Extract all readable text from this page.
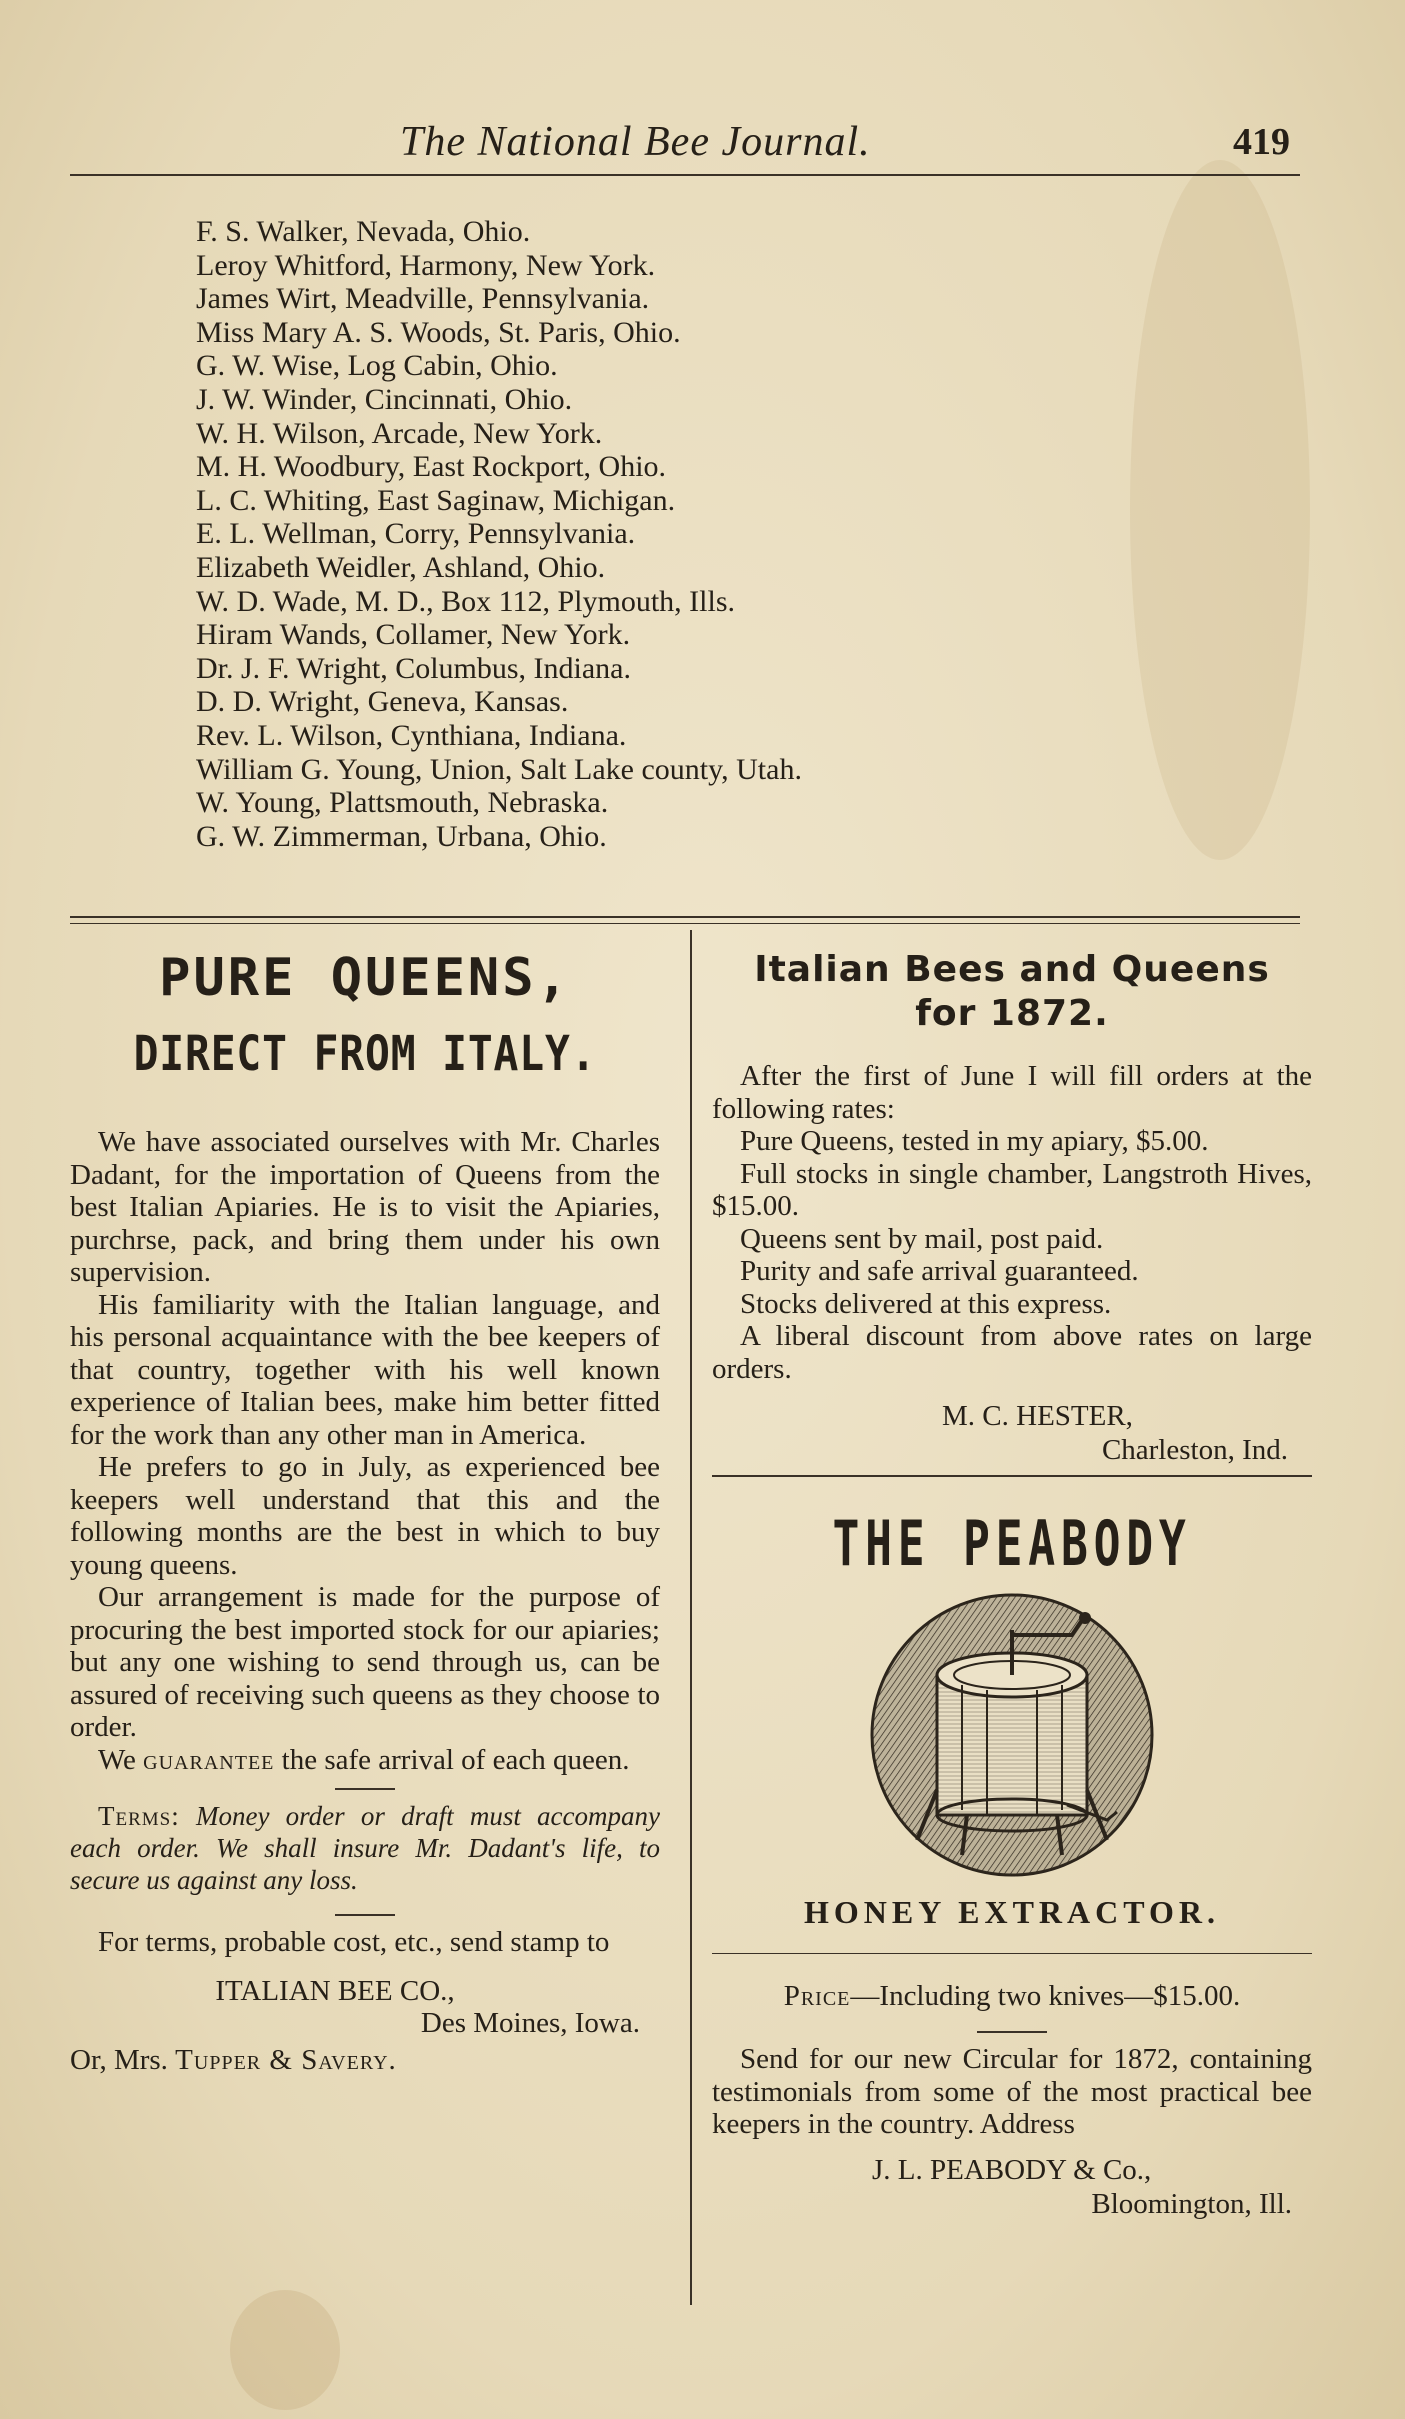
The National Bee Journal.	419
F. S. Walker, Nevada, Ohio.
Leroy Whitford, Harmony, New York.
James Wirt, Meadville, Pennsylvania.
Miss Mary A. S. Woods, St. Paris, Ohio.
G. W. Wise, Log Cabin, Ohio.
J. W. Winder, Cincinnati, Ohio.
W. H. Wilson, Arcade, New York.
M. H. Woodbury, East Rockport, Ohio.
L. C. Whiting, East Saginaw, Michigan.
E. L. Wellman, Corry, Pennsylvania.
Elizabeth Weidler, Ashland, Ohio.
W. D. Wade, M. D., Box 112, Plymouth, Ills.
Hiram Wands, Collamer, New York.
Dr. J. F. Wright, Columbus, Indiana.
D. D. Wright, Geneva, Kansas.
Rev. L. Wilson, Cynthiana, Indiana.
William G. Young, Union, Salt Lake county, Utah.
W. Young, Plattsmouth, Nebraska.
G. W. Zimmerman, Urbana, Ohio.
PURE QUEENS,
DIRECT FROM ITALY.

We have associated ourselves with Mr. Charles Dadant, for the importation of Queens from the best Italian Apiaries. He is to visit the Apiaries, purchrse, pack, and bring them under his own supervision.

His familiarity with the Italian language, and his personal acquaintance with the bee keepers of that country, together with his well known experience of Italian bees, make him better fitted for the work than any other man in America.

He prefers to go in July, as experienced bee keepers well understand that this and the following months are the best in which to buy young queens.

Our arrangement is made for the purpose of procuring the best imported stock for our apiaries; but any one wishing to send through us, can be assured of receiving such queens as they choose to order.

We guarantee the safe arrival of each queen.

Terms: Money order or draft must accompany each order. We shall insure Mr. Dadant's life, to secure us against any loss.

For terms, probable cost, etc., send stamp to

ITALIAN BEE CO.,
Des Moines, Iowa.
Or, Mrs. Tupper & Savery.
Italian Bees and Queens
for 1872.

After the first of June I will fill orders at the following rates:

Pure Queens, tested in my apiary, $5.00.

Full stocks in single chamber, Langstroth Hives, $15.00.

Queens sent by mail, post paid.

Purity and safe arrival guaranteed.

Stocks delivered at this express.

A liberal discount from above rates on large orders.

M. C. HESTER,
Charleston, Ind.
THE PEABODY
HONEY EXTRACTOR.
Price—Including two knives—$15.00.

Send for our new Circular for 1872, containing testimonials from some of the most practical bee keepers in the country. Address

J. L. PEABODY & Co.,
Bloomington, Ill.
